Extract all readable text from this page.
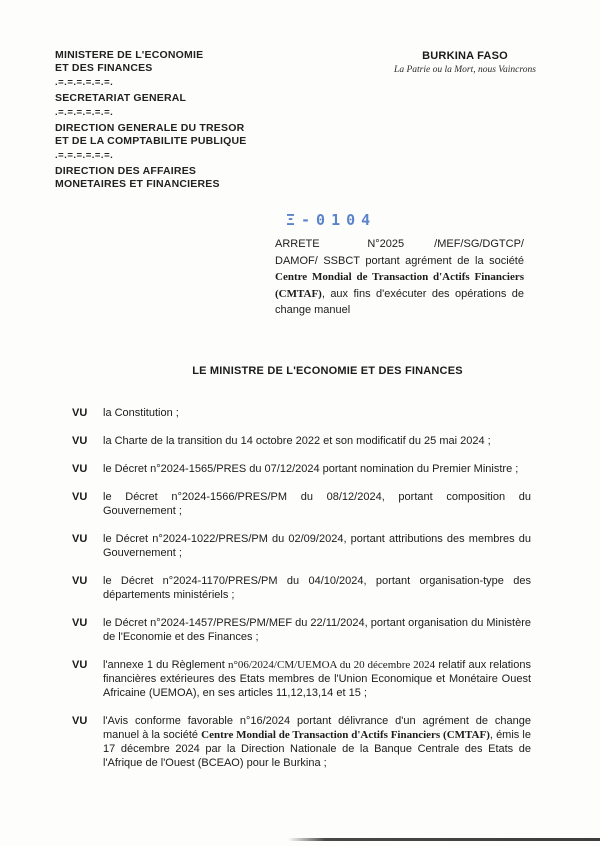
MINISTERE DE L'ECONOMIE
ET DES FINANCES
.=.=.=.=.=.=.
SECRETARIAT GENERAL
.=.=.=.=.=.=.
DIRECTION GENERALE DU TRESOR
ET DE LA COMPTABILITE PUBLIQUE
.=.=.=.=.=.=.
DIRECTION DES AFFAIRES
MONETAIRES ET FINANCIERES
BURKINA FASO
La Patrie ou la Mort, nous Vaincrons
Ξ-0104
ARRETE N°2025	/MEF/SG/DGTCP/ DAMOF/ SSBCT portant agrément de la société Centre Mondial de Transaction d'Actifs Financiers (CMTAF), aux fins d'exécuter des opérations de change manuel
LE MINISTRE DE L'ECONOMIE ET DES FINANCES
VU	la Constitution ;
VU	la Charte de la transition du 14 octobre 2022 et son modificatif du 25 mai 2024 ;
VU	le Décret n°2024-1565/PRES du 07/12/2024 portant nomination du Premier Ministre ;
VU	le Décret n°2024-1566/PRES/PM du 08/12/2024, portant composition du Gouvernement ;
VU	le Décret n°2024-1022/PRES/PM du 02/09/2024, portant attributions des membres du Gouvernement ;
VU	le Décret n°2024-1170/PRES/PM du 04/10/2024, portant organisation-type des départements ministériels ;
VU	le Décret n°2024-1457/PRES/PM/MEF du 22/11/2024, portant organisation du Ministère de l'Economie et des Finances ;
VU	l'annexe 1 du Règlement n°06/2024/CM/UEMOA du 20 décembre 2024 relatif aux relations financières extérieures des Etats membres de l'Union Economique et Monétaire Ouest Africaine (UEMOA), en ses articles 11,12,13,14 et 15 ;
VU	l'Avis conforme favorable n°16/2024 portant délivrance d'un agrément de change manuel à la société Centre Mondial de Transaction d'Actifs Financiers (CMTAF), émis le 17 décembre 2024 par la Direction Nationale de la Banque Centrale des Etats de l'Afrique de l'Ouest (BCEAO) pour le Burkina ;
